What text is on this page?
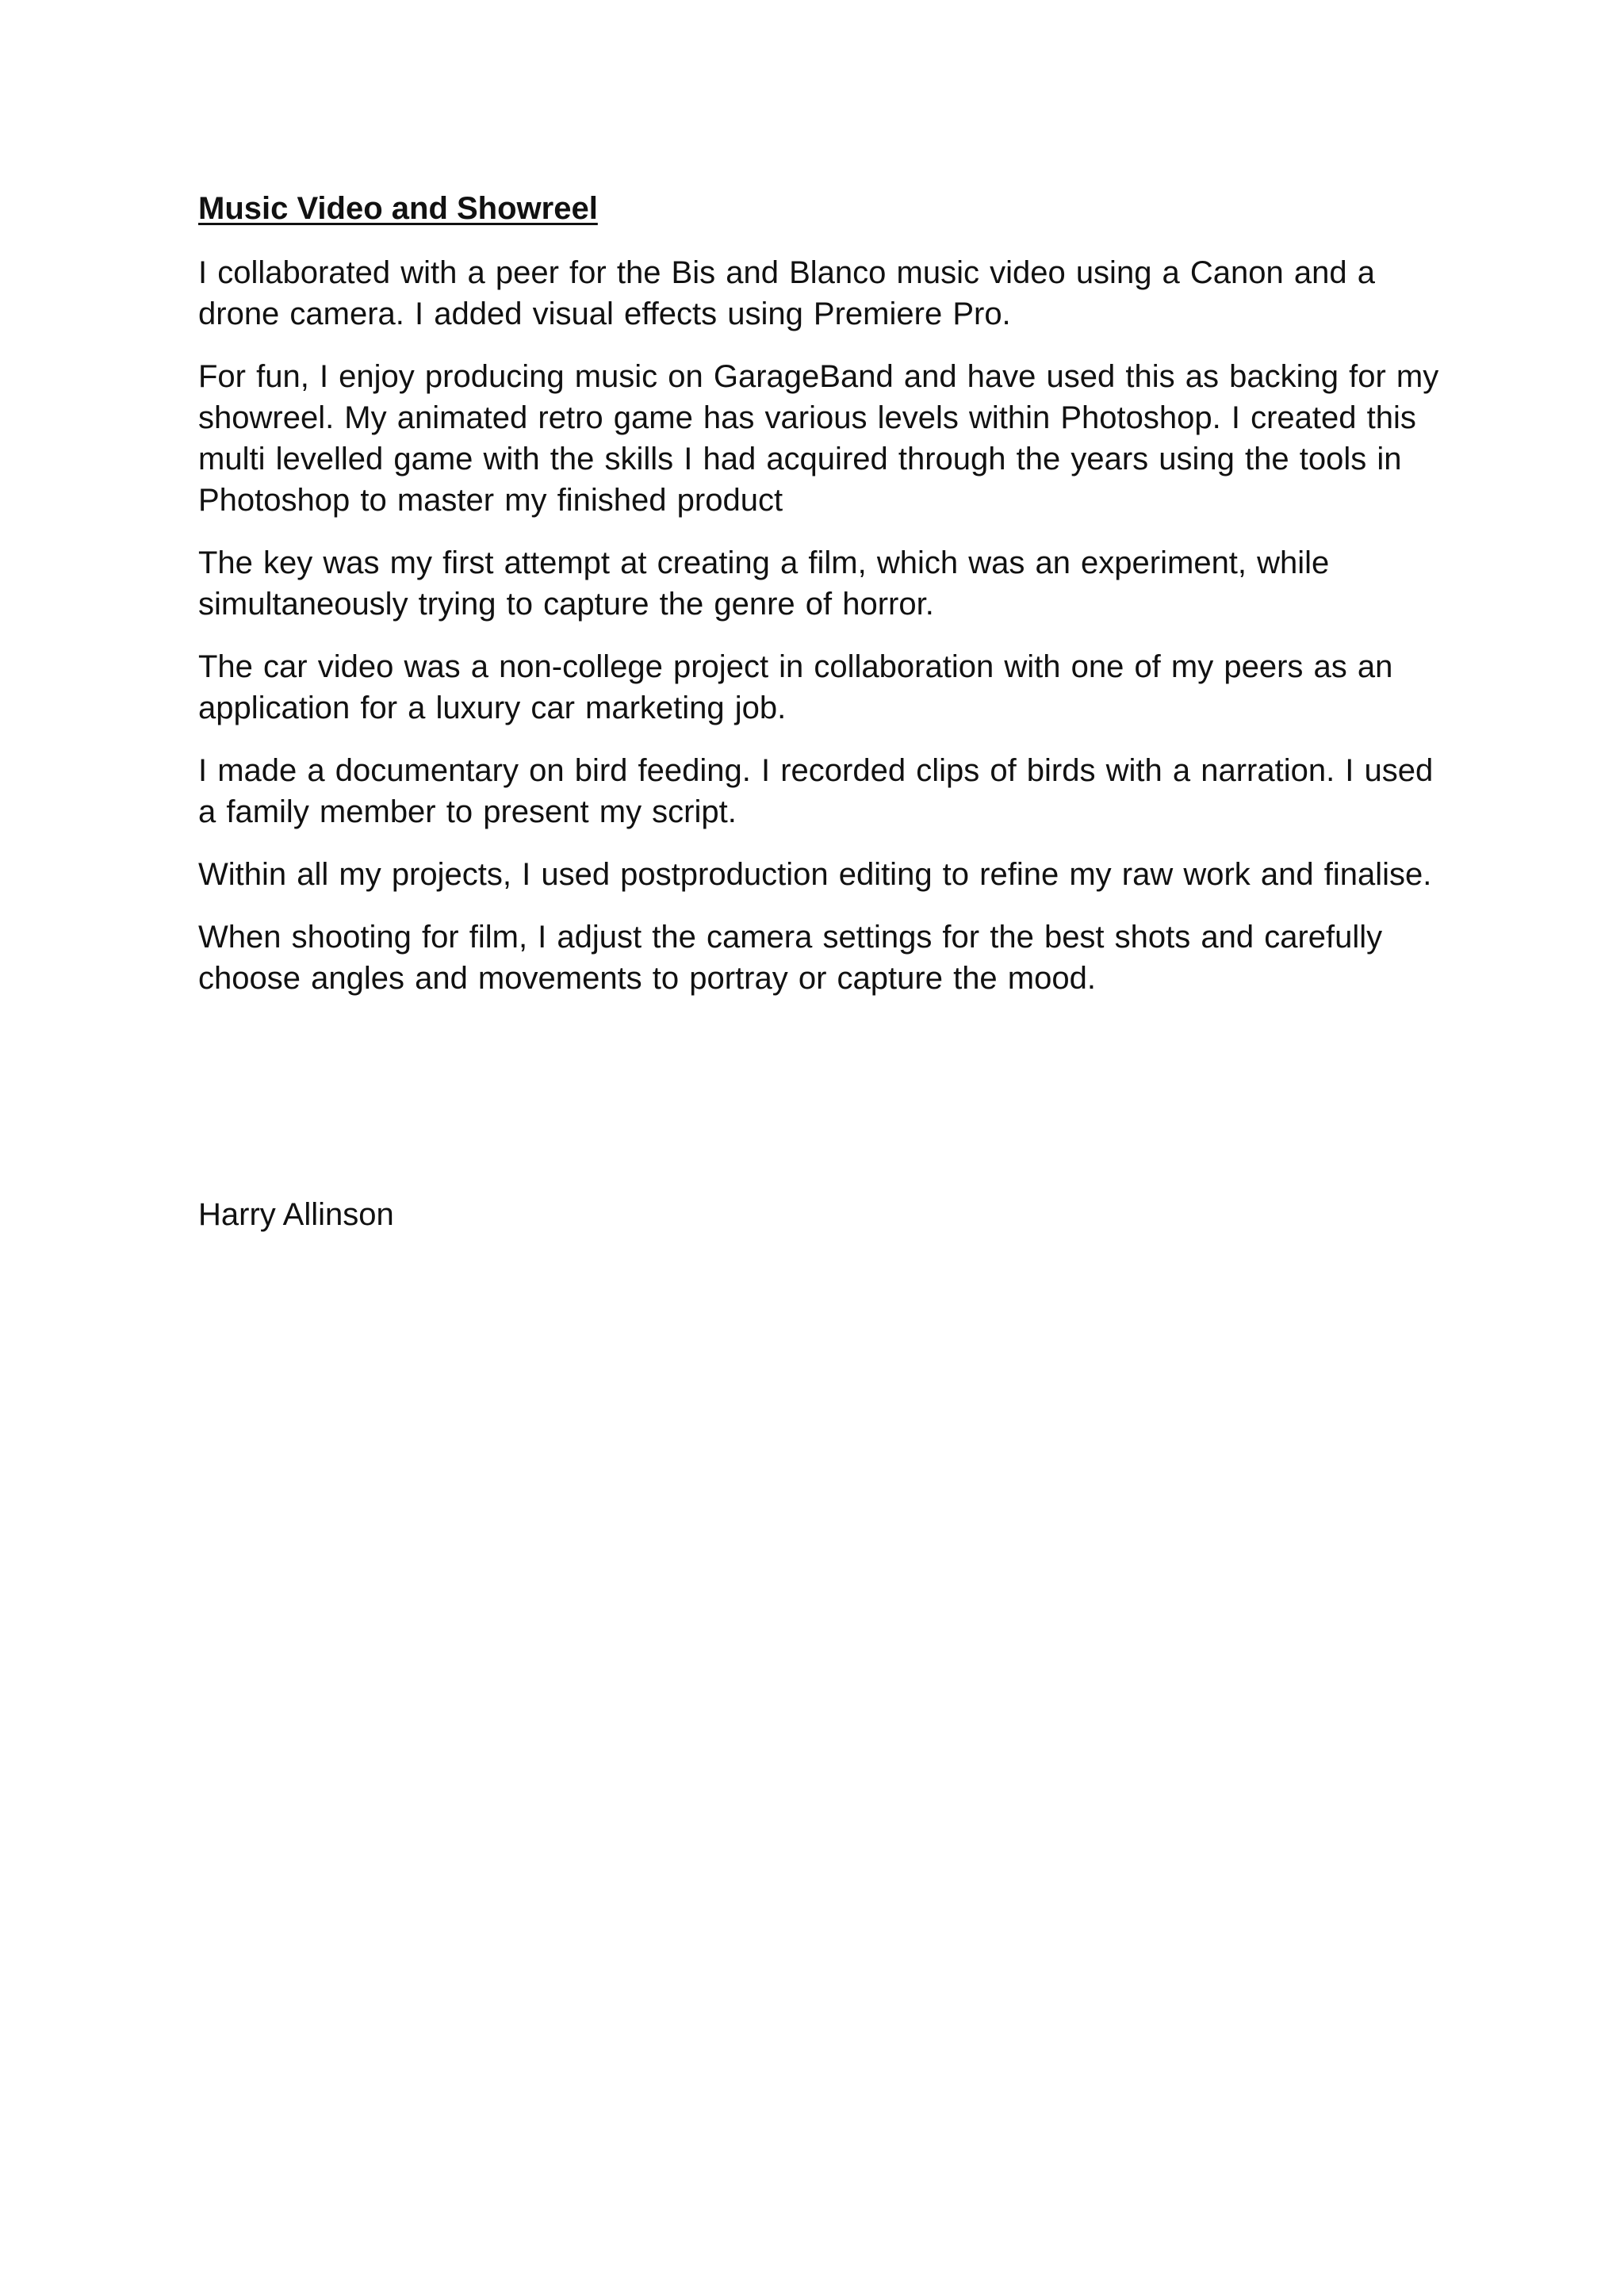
Music Video and Showreel

I collaborated with a peer for the Bis and Blanco music video using a Canon and a drone camera. I added visual effects using Premiere Pro.

For fun, I enjoy producing music on GarageBand and have used this as backing for my showreel. My animated retro game has various levels within Photoshop. I created this multi levelled game with the skills I had acquired through the years using the tools in Photoshop to master my finished product

The key was my first attempt at creating a film, which was an experiment, while simultaneously trying to capture the genre of horror.

The car video was a non-college project in collaboration with one of my peers as an application for a luxury car marketing job.

I made a documentary on bird feeding. I recorded clips of birds with a narration. I used a family member to present my script.

Within all my projects, I used postproduction editing to refine my raw work and finalise.

When shooting for film, I adjust the camera settings for the best shots and carefully choose angles and movements to portray or capture the mood.

Harry Allinson
